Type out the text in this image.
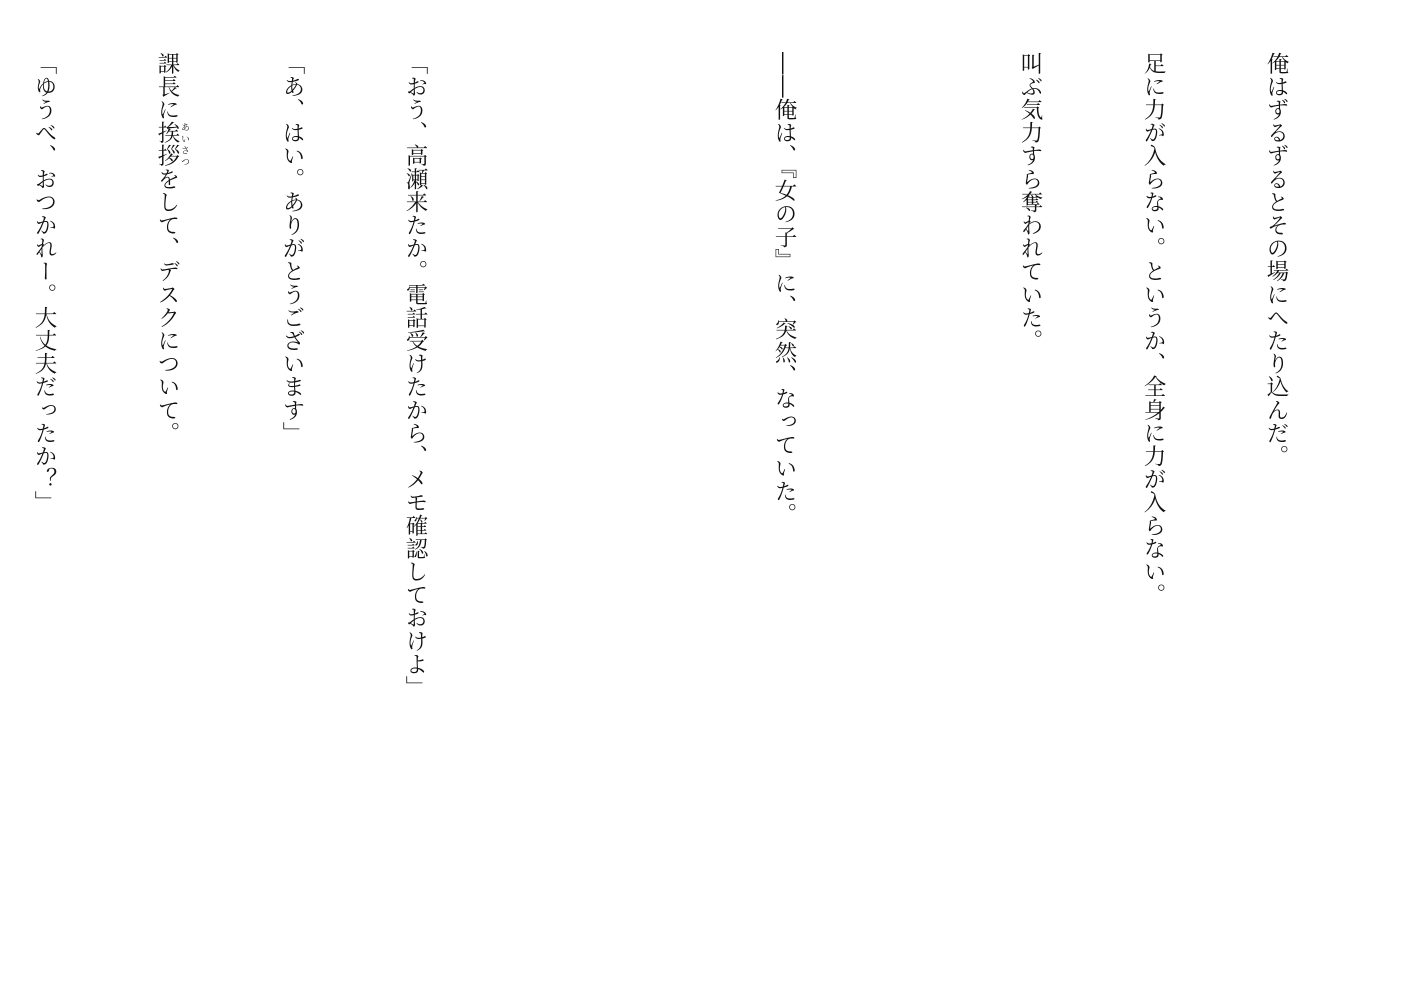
俺はずるずるとその場にへたり込んだ。

足に力が入らない。というか、全身に力が入らない。

叫ぶ気力すら奪われていた。

――俺は、『女の子』に、突然、なっていた。

「おう、高瀬来たか。電話受けたから、メモ確認しておけよ」

「あ、はい。ありがとうございます」

課長に挨拶 あいさつをして、デスクについて。

「ゆうべ、おつかれー。大丈夫だったか？」
